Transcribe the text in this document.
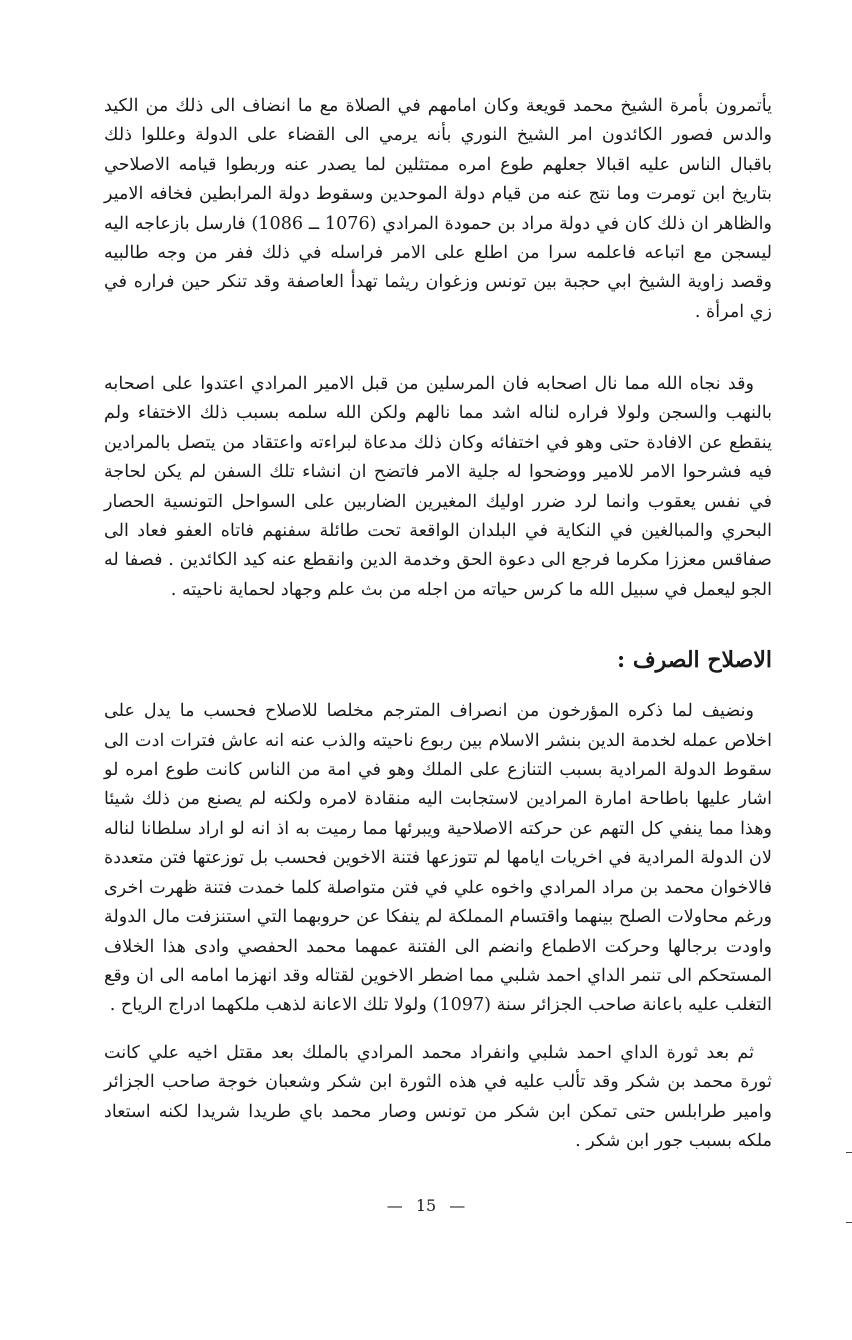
يأتمرون بأمرة الشيخ محمد قويعة وكان امامهم في الصلاة مع ما انضاف الى ذلك من الكيد والدس فصور الكائدون امر الشيخ النوري بأنه يرمي الى القضاء على الدولة وعللوا ذلك باقبال الناس عليه اقبالا جعلهم طوع امره ممتثلين لما يصدر عنه وربطوا قيامه الاصلاحي بتاريخ ابن تومرت وما نتج عنه من قيام دولة الموحدين وسقوط دولة المرابطين فخافه الامير والظاهر ان ذلك كان في دولة مراد بن حمودة المرادي (1076 ــ 1086) فارسل بازعاجه اليه ليسجن مع اتباعه فاعلمه سرا من اطلع على الامر فراسله في ذلك ففر من وجه طالبيه وقصد زاوية الشيخ ابي حجبة بين تونس وزغوان ريثما تهدأ العاصفة وقد تنكر حين فراره في زي امرأة .

وقد نجاه الله مما نال اصحابه فان المرسلين من قبل الامير المرادي اعتدوا على اصحابه بالنهب والسجن ولولا فراره لناله اشد مما نالهم ولكن الله سلمه بسبب ذلك الاختفاء ولم ينقطع عن الافادة حتى وهو في اختفائه وكان ذلك مدعاة لبراءته واعتقاد من يتصل بالمرادين فيه فشرحوا الامر للامير ووضحوا له جلية الامر فاتضح ان انشاء تلك السفن لم يكن لحاجة في نفس يعقوب وانما لرد ضرر اوليك المغيرين الضاربين على السواحل التونسية الحصار البحري والمبالغين في النكاية في البلدان الواقعة تحت طائلة سفنهم فاتاه العفو فعاد الى صفاقس معززا مكرما فرجع الى دعوة الحق وخدمة الدين وانقطع عنه كيد الكائدين . فصفا له الجو ليعمل في سبيل الله ما كرس حياته من اجله من بث علم وجهاد لحماية ناحيته .

الاصلاح الصرف :

ونضيف لما ذكره المؤرخون من انصراف المترجم مخلصا للاصلاح فحسب ما يدل على اخلاص عمله لخدمة الدين بنشر الاسلام بين ربوع ناحيته والذب عنه انه عاش فترات ادت الى سقوط الدولة المرادية بسبب التنازع على الملك وهو في امة من الناس كانت طوع امره لو اشار عليها باطاحة امارة المرادين لاستجابت اليه منقادة لامره ولكنه لم يصنع من ذلك شيئا وهذا مما ينفي كل التهم عن حركته الاصلاحية ويبرئها مما رميت به اذ انه لو اراد سلطانا لناله لان الدولة المرادية في اخريات ايامها لم تتوزعها فتنة الاخوين فحسب بل توزعتها فتن متعددة فالاخوان محمد بن مراد المرادي واخوه علي في فتن متواصلة كلما خمدت فتنة ظهرت اخرى ورغم محاولات الصلح بينهما واقتسام المملكة لم ينفكا عن حروبهما التي استنزفت مال الدولة واودت برجالها وحركت الاطماع وانضم الى الفتنة عمهما محمد الحفصي وادى هذا الخلاف المستحكم الى تنمر الداي احمد شلبي مما اضطر الاخوين لقتاله وقد انهزما امامه الى ان وقع التغلب عليه باعانة صاحب الجزائر سنة (1097) ولولا تلك الاعانة لذهب ملكهما ادراج الرياح .

ثم بعد ثورة الداي احمد شلبي وانفراد محمد المرادي بالملك بعد مقتل اخيه علي كانت ثورة محمد بن شكر وقد تألب عليه في هذه الثورة ابن شكر وشعبان خوجة صاحب الجزائر وامير طرابلس حتى تمكن ابن شكر من تونس وصار محمد باي طريدا شريدا لكنه استعاد ملكه بسبب جور ابن شكر .

— 15 —
